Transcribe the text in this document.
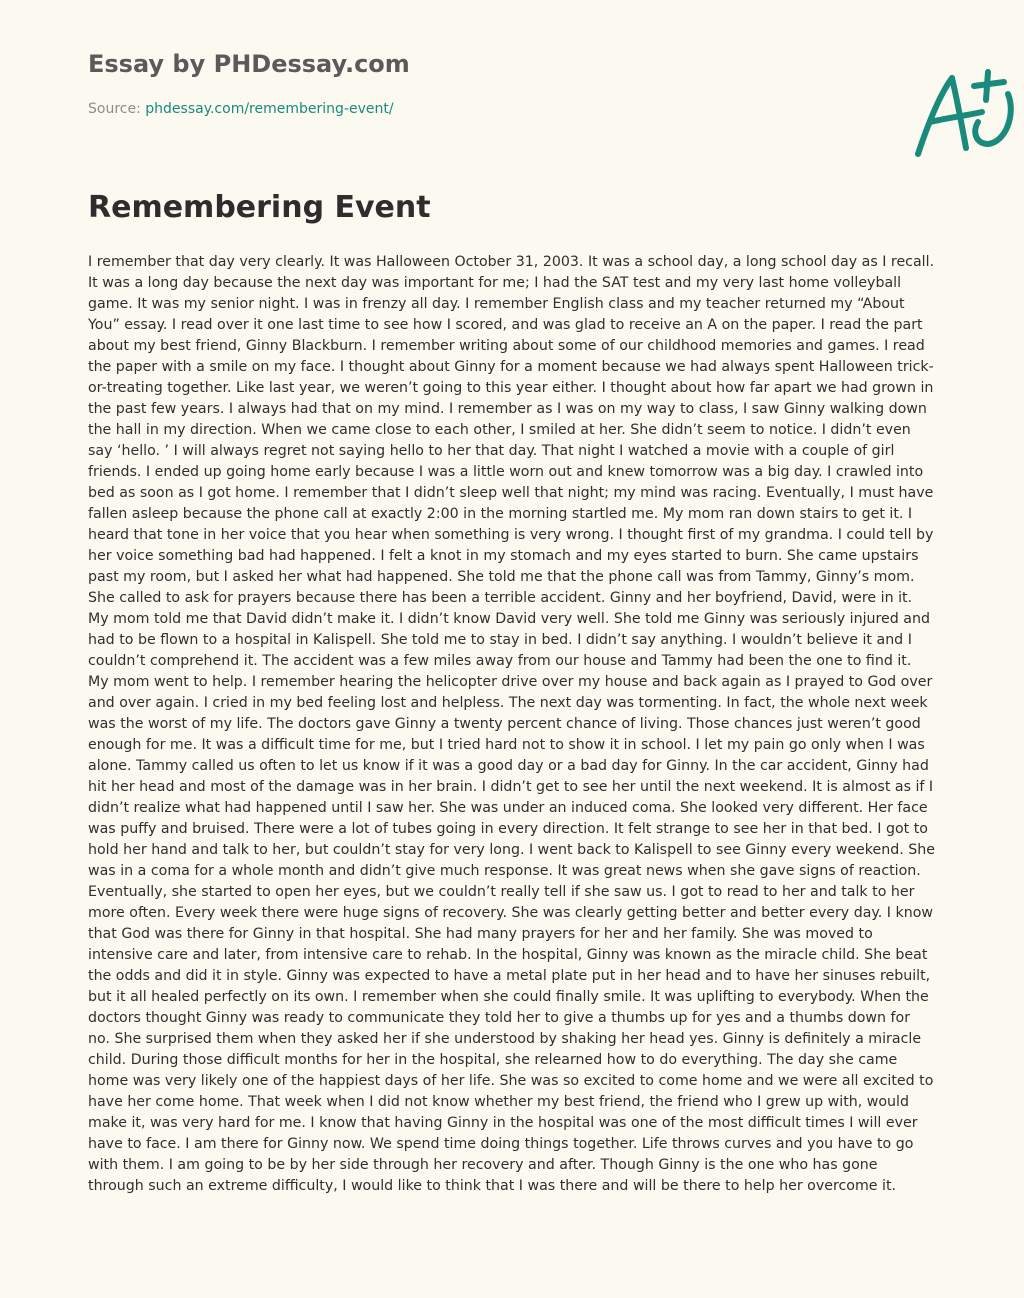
Essay by PHDessay.com
Source: phdessay.com/remembering-event/
Remembering Event

I remember that day very clearly. It was Halloween October 31, 2003. It was a school day, a long school day as I recall. It was a long day because the next day was important for me; I had the SAT test and my very last home volleyball game. It was my senior night. I was in frenzy all day. I remember English class and my teacher returned my “About You” essay. I read over it one last time to see how I scored, and was glad to receive an A on the paper. I read the part about my best friend, Ginny Blackburn. I remember writing about some of our childhood memories and games. I read the paper with a smile on my face. I thought about Ginny for a moment because we had always spent Halloween trick-or-treating together. Like last year, we weren’t going to this year either. I thought about how far apart we had grown in the past few years. I always had that on my mind. I remember as I was on my way to class, I saw Ginny walking down the hall in my direction. When we came close to each other, I smiled at her. She didn’t seem to notice. I didn’t even say ‘hello. ’ I will always regret not saying hello to her that day. That night I watched a movie with a couple of girl friends. I ended up going home early because I was a little worn out and knew tomorrow was a big day. I crawled into bed as soon as I got home. I remember that I didn’t sleep well that night; my mind was racing. Eventually, I must have fallen asleep because the phone call at exactly 2:00 in the morning startled me. My mom ran down stairs to get it. I heard that tone in her voice that you hear when something is very wrong. I thought first of my grandma. I could tell by her voice something bad had happened. I felt a knot in my stomach and my eyes started to burn. She came upstairs past my room, but I asked her what had happened. She told me that the phone call was from Tammy, Ginny’s mom. She called to ask for prayers because there has been a terrible accident. Ginny and her boyfriend, David, were in it. My mom told me that David didn’t make it. I didn’t know David very well. She told me Ginny was seriously injured and had to be flown to a hospital in Kalispell. She told me to stay in bed. I didn’t say anything. I wouldn’t believe it and I couldn’t comprehend it. The accident was a few miles away from our house and Tammy had been the one to find it. My mom went to help. I remember hearing the helicopter drive over my house and back again as I prayed to God over and over again. I cried in my bed feeling lost and helpless. The next day was tormenting. In fact, the whole next week was the worst of my life. The doctors gave Ginny a twenty percent chance of living. Those chances just weren’t good enough for me. It was a difficult time for me, but I tried hard not to show it in school. I let my pain go only when I was alone. Tammy called us often to let us know if it was a good day or a bad day for Ginny. In the car accident, Ginny had hit her head and most of the damage was in her brain. I didn’t get to see her until the next weekend. It is almost as if I didn’t realize what had happened until I saw her. She was under an induced coma. She looked very different. Her face was puffy and bruised. There were a lot of tubes going in every direction. It felt strange to see her in that bed. I got to hold her hand and talk to her, but couldn’t stay for very long. I went back to Kalispell to see Ginny every weekend. She was in a coma for a whole month and didn’t give much response. It was great news when she gave signs of reaction. Eventually, she started to open her eyes, but we couldn’t really tell if she saw us. I got to read to her and talk to her more often. Every week there were huge signs of recovery. She was clearly getting better and better every day. I know that God was there for Ginny in that hospital. She had many prayers for her and her family. She was moved to intensive care and later, from intensive care to rehab. In the hospital, Ginny was known as the miracle child. She beat the odds and did it in style. Ginny was expected to have a metal plate put in her head and to have her sinuses rebuilt, but it all healed perfectly on its own. I remember when she could finally smile. It was uplifting to everybody. When the doctors thought Ginny was ready to communicate they told her to give a thumbs up for yes and a thumbs down for no. She surprised them when they asked her if she understood by shaking her head yes. Ginny is definitely a miracle child. During those difficult months for her in the hospital, she relearned how to do everything. The day she came home was very likely one of the happiest days of her life. She was so excited to come home and we were all excited to have her come home. That week when I did not know whether my best friend, the friend who I grew up with, would make it, was very hard for me. I know that having Ginny in the hospital was one of the most difficult times I will ever have to face. I am there for Ginny now. We spend time doing things together. Life throws curves and you have to go with them. I am going to be by her side through her recovery and after. Though Ginny is the one who has gone through such an extreme difficulty, I would like to think that I was there and will be there to help her overcome it.
